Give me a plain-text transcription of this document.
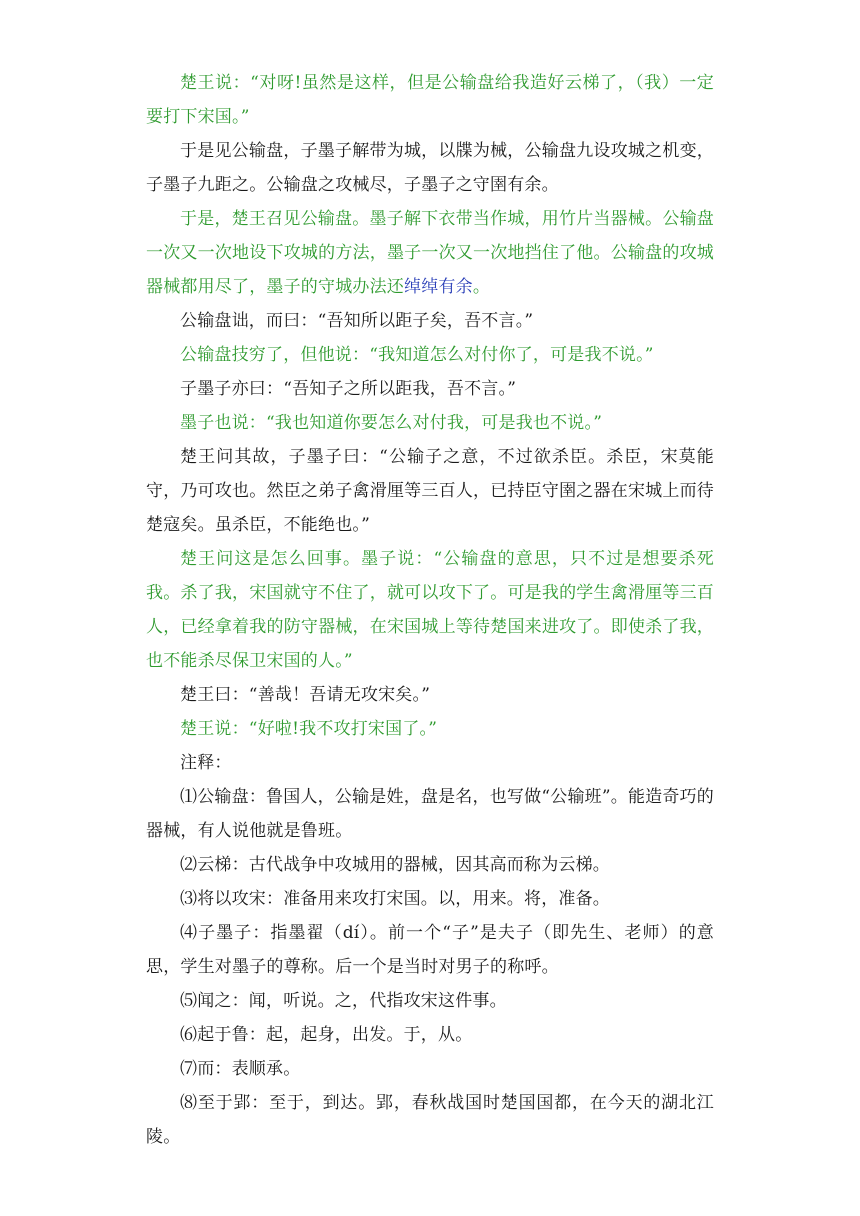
楚王说：“对呀!虽然是这样，但是公输盘给我造好云梯了，（我）一定要打下宋国。”

于是见公输盘，子墨子解带为城，以牒为械，公输盘九设攻城之机变，子墨子九距之。公输盘之攻械尽，子墨子之守圉有余。

于是，楚王召见公输盘。墨子解下衣带当作城，用竹片当器械。公输盘一次又一次地设下攻城的方法，墨子一次又一次地挡住了他。公输盘的攻城器械都用尽了，墨子的守城办法还绰绰有余。

公输盘诎，而曰：“吾知所以距子矣，吾不言。”

公输盘技穷了，但他说：“我知道怎么对付你了，可是我不说。”

子墨子亦曰：“吾知子之所以距我，吾不言。”

墨子也说：“我也知道你要怎么对付我，可是我也不说。”

楚王问其故，子墨子曰：“公输子之意，不过欲杀臣。杀臣，宋莫能守，乃可攻也。然臣之弟子禽滑厘等三百人，已持臣守圉之器在宋城上而待楚寇矣。虽杀臣，不能绝也。”

楚王问这是怎么回事。墨子说：“公输盘的意思，只不过是想要杀死我。杀了我，宋国就守不住了，就可以攻下了。可是我的学生禽滑厘等三百人，已经拿着我的防守器械，在宋国城上等待楚国来进攻了。即使杀了我，也不能杀尽保卫宋国的人。”

楚王曰：“善哉！吾请无攻宋矣。”

楚王说：“好啦!我不攻打宋国了。”

注释：

⑴公输盘：鲁国人，公输是姓，盘是名，也写做“公输班”。能造奇巧的器械，有人说他就是鲁班。

⑵云梯：古代战争中攻城用的器械，因其高而称为云梯。

⑶将以攻宋：准备用来攻打宋国。以，用来。将，准备。

⑷子墨子：指墨翟（dí）。前一个“子”是夫子（即先生、老师）的意思，学生对墨子的尊称。后一个是当时对男子的称呼。

⑸闻之：闻，听说。之，代指攻宋这件事。

⑹起于鲁：起，起身，出发。于，从。

⑺而：表顺承。

⑻至于郢：至于，到达。郢，春秋战国时楚国国都，在今天的湖北江陵。
